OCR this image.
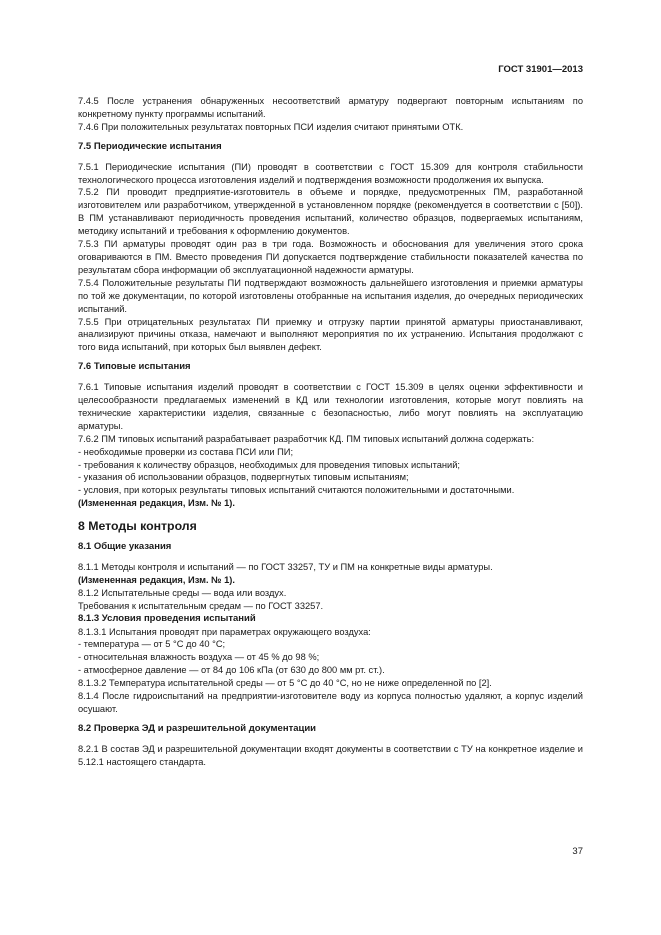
ГОСТ 31901—2013

7.4.5 После устранения обнаруженных несоответствий арматуру подвергают повторным испытаниям по конкретному пункту программы испытаний.

7.4.6 При положительных результатах повторных ПСИ изделия считают принятыми ОТК.

7.5 Периодические испытания

7.5.1 Периодические испытания (ПИ) проводят в соответствии с ГОСТ 15.309 для контроля стабильности технологического процесса изготовления изделий и подтверждения возможности продолжения их выпуска.

7.5.2 ПИ проводит предприятие-изготовитель в объеме и порядке, предусмотренных ПМ, разработанной изготовителем или разработчиком, утвержденной в установленном порядке (рекомендуется в соответствии с [50]). В ПМ устанавливают периодичность проведения испытаний, количество образцов, подвергаемых испытаниям, методику испытаний и требования к оформлению документов.

7.5.3 ПИ арматуры проводят один раз в три года. Возможность и обоснования для увеличения этого срока оговариваются в ПМ. Вместо проведения ПИ допускается подтверждение стабильности показателей качества по результатам сбора информации об эксплуатационной надежности арматуры.

7.5.4 Положительные результаты ПИ подтверждают возможность дальнейшего изготовления и приемки арматуры по той же документации, по которой изготовлены отобранные на испытания изделия, до очередных периодических испытаний.

7.5.5 При отрицательных результатах ПИ приемку и отгрузку партии принятой арматуры приостанавливают, анализируют причины отказа, намечают и выполняют мероприятия по их устранению. Испытания продолжают с того вида испытаний, при которых был выявлен дефект.

7.6 Типовые испытания

7.6.1 Типовые испытания изделий проводят в соответствии с ГОСТ 15.309 в целях оценки эффективности и целесообразности предлагаемых изменений в КД или технологии изготовления, которые могут повлиять на технические характеристики изделия, связанные с безопасностью, либо могут повлиять на эксплуатацию арматуры.

7.6.2 ПМ типовых испытаний разрабатывает разработчик КД. ПМ типовых испытаний должна содержать:

- необходимые проверки из состава ПСИ или ПИ;

- требования к количеству образцов, необходимых для проведения типовых испытаний;

- указания об использовании образцов, подвергнутых типовым испытаниям;

- условия, при которых результаты типовых испытаний считаются положительными и достаточными.

(Измененная редакция, Изм. № 1).

8 Методы контроля

8.1 Общие указания

8.1.1 Методы контроля и испытаний — по ГОСТ 33257, ТУ и ПМ на конкретные виды арматуры.

(Измененная редакция, Изм. № 1).

8.1.2 Испытательные среды — вода или воздух.

Требования к испытательным средам — по ГОСТ 33257.

8.1.3 Условия проведения испытаний

8.1.3.1 Испытания проводят при параметрах окружающего воздуха:

- температура — от 5 °С до 40 °С;

- относительная влажность воздуха — от 45 % до 98 %;

- атмосферное давление — от 84 до 106 кПа (от 630 до 800 мм рт. ст.).

8.1.3.2 Температура испытательной среды — от 5 °С до 40 °С, но не ниже определенной по [2].

8.1.4 После гидроиспытаний на предприятии-изготовителе воду из корпуса полностью удаляют, а корпус изделий осушают.

8.2 Проверка ЭД и разрешительной документации

8.2.1 В состав ЭД и разрешительной документации входят документы в соответствии с ТУ на конкретное изделие и 5.12.1 настоящего стандарта.

37
